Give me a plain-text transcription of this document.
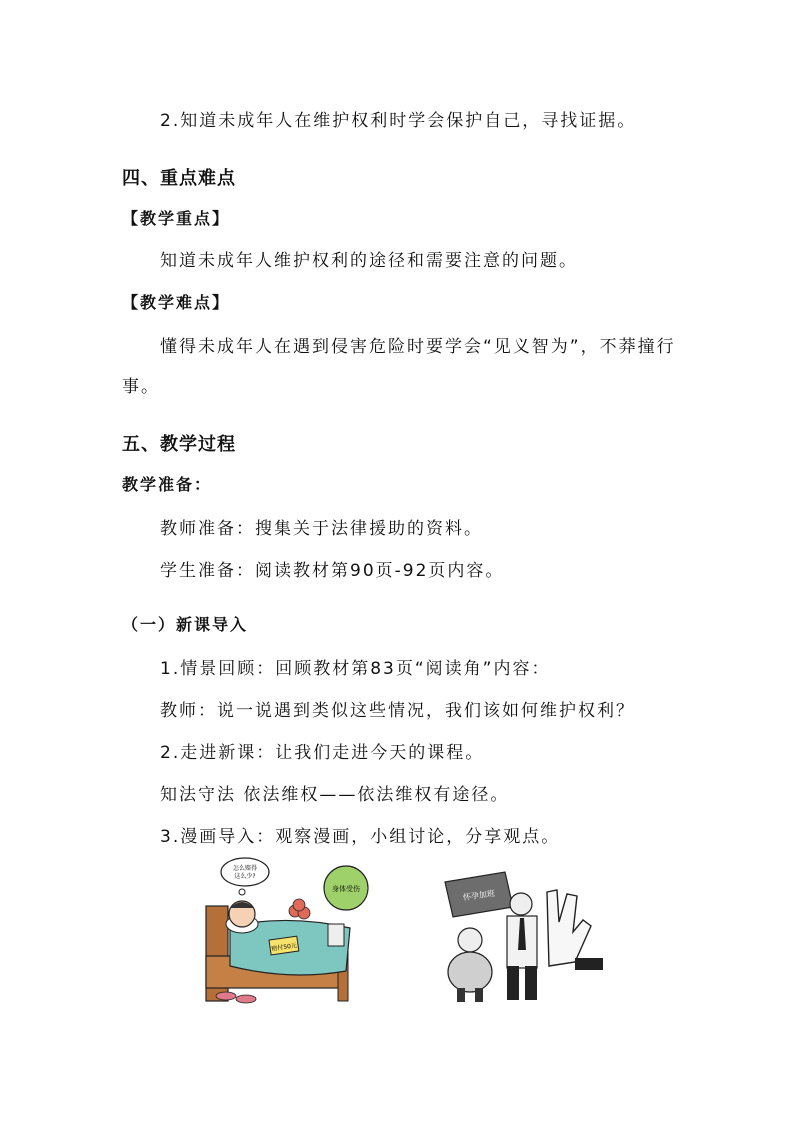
2.知道未成年人在维护权利时学会保护自己，寻找证据。
四、重点难点
【教学重点】
知道未成年人维护权利的途径和需要注意的问题。
【教学难点】
懂得未成年人在遇到侵害危险时要学会“见义智为”，不莽撞行
事。
五、教学过程
教学准备：
教师准备：搜集关于法律援助的资料。
学生准备：阅读教材第90页-92页内容。
（一）新课导入
1.情景回顾：回顾教材第83页“阅读角”内容：
教师：说一说遇到类似这些情况，我们该如何维护权利？
2.走进新课：让我们走进今天的课程。
知法守法 依法维权——依法维权有途径。
3.漫画导入：观察漫画，小组讨论，分享观点。
怎么赔得
这么少?
身体受伤
赔付50元
怀孕加班
